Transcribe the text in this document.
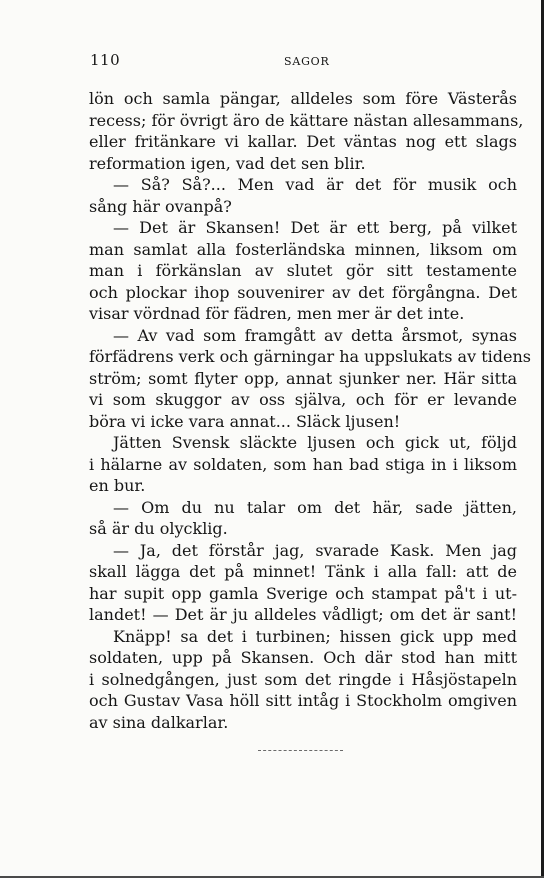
110	SAGOR
lön och samla pängar, alldeles som före Västerås
recess; för övrigt äro de kättare nästan allesammans,
eller fritänkare vi kallar. Det väntas nog ett slags
reformation igen, vad det sen blir.
— Så? Så?... Men vad är det för musik och
sång här ovanpå?
— Det är Skansen! Det är ett berg, på vilket
man samlat alla fosterländska minnen, liksom om
man i förkänslan av slutet gör sitt testamente
och plockar ihop souvenirer av det förgångna. Det
visar vördnad för fädren, men mer är det inte.
— Av vad som framgått av detta årsmot, synas
förfädrens verk och gärningar ha uppslukats av tidens
ström; somt flyter opp, annat sjunker ner. Här sitta
vi som skuggor av oss själva, och för er levande
böra vi icke vara annat... Släck ljusen!
Jätten Svensk släckte ljusen och gick ut, följd
i hälarne av soldaten, som han bad stiga in i liksom
en bur.
— Om du nu talar om det här, sade jätten,
så är du olycklig.
— Ja, det förstår jag, svarade Kask. Men jag
skall lägga det på minnet! Tänk i alla fall: att de
har supit opp gamla Sverige och stampat på't i ut-
landet! — Det är ju alldeles vådligt; om det är sant!
Knäpp! sa det i turbinen; hissen gick upp med
soldaten, upp på Skansen. Och där stod han mitt
i solnedgången, just som det ringde i Håsjöstapeln
och Gustav Vasa höll sitt intåg i Stockholm omgiven
av sina dalkarlar.
